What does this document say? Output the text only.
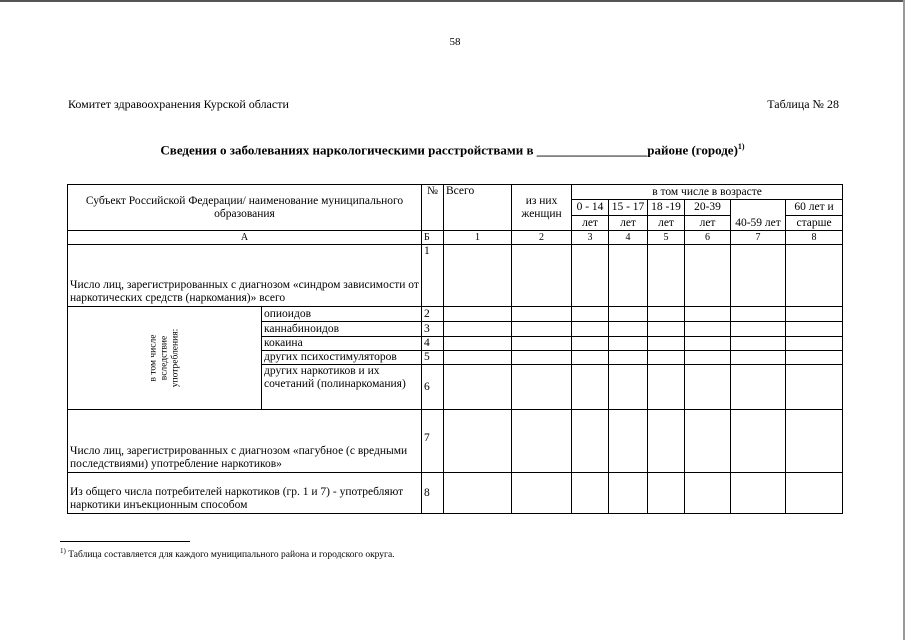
58
Комитет здравоохранения Курской области	Таблица № 28
Сведения о заболеваниях наркологическими расстройствами в _________________районе (городе)$^{1)}$
Субъект Российской Федерации/ наименование муниципального образования		№	Всего	из них женщин	в том числе в возрасте					
					0 - 14	15 - 17	18 -19	20-39	40-59 лет	60 лет и
					лет	лет	лет	лет		старше
А		Б	1	2	3	4	5	6	7	8
Число лиц, зарегистрированных с диагнозом «синдром зависимости от наркотических средств (наркомания)» всего		1								

в том числе
вследствие
употребления:	опиоидов	2								
	каннабиноидов	3								
	кокаина	4								
	других психостимуляторов	5								
	других наркотиков и их сочетаний (полинаркомания)	6								
Число лиц, зарегистрированных с диагнозом «пагубное (с вредными последствиями) употребление наркотиков»		7								
Из общего числа потребителей наркотиков (гр. 1 и 7) - употребляют наркотики инъекционным способом		8								
$^{1)}$ Таблица составляется для каждого муниципального района и городского округа.
